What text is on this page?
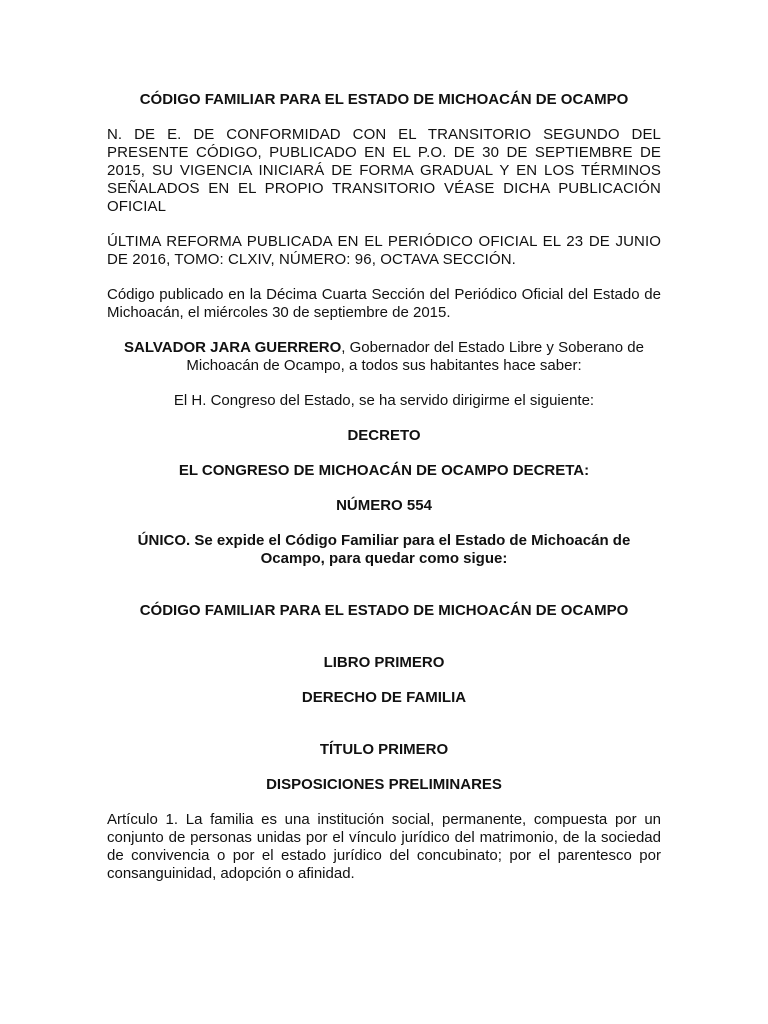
CÓDIGO FAMILIAR PARA EL ESTADO DE MICHOACÁN DE OCAMPO

N. DE E. DE CONFORMIDAD CON EL TRANSITORIO SEGUNDO DEL PRESENTE CÓDIGO, PUBLICADO EN EL P.O. DE 30 DE SEPTIEMBRE DE 2015, SU VIGENCIA INICIARÁ DE FORMA GRADUAL Y EN LOS TÉRMINOS SEÑALADOS EN EL PROPIO TRANSITORIO VÉASE DICHA PUBLICACIÓN OFICIAL

ÚLTIMA REFORMA PUBLICADA EN EL PERIÓDICO OFICIAL EL 23 DE JUNIO DE 2016, TOMO: CLXIV, NÚMERO: 96, OCTAVA SECCIÓN.

Código publicado en la Décima Cuarta Sección del Periódico Oficial del Estado de Michoacán, el miércoles 30 de septiembre de 2015.

SALVADOR JARA GUERRERO, Gobernador del Estado Libre y Soberano de Michoacán de Ocampo, a todos sus habitantes hace saber:

El H. Congreso del Estado, se ha servido dirigirme el siguiente:

DECRETO

EL CONGRESO DE MICHOACÁN DE OCAMPO DECRETA:

NÚMERO 554

ÚNICO. Se expide el Código Familiar para el Estado de Michoacán de Ocampo, para quedar como sigue:

CÓDIGO FAMILIAR PARA EL ESTADO DE MICHOACÁN DE OCAMPO

LIBRO PRIMERO

DERECHO DE FAMILIA

TÍTULO PRIMERO

DISPOSICIONES PRELIMINARES

Artículo 1. La familia es una institución social, permanente, compuesta por un conjunto de personas unidas por el vínculo jurídico del matrimonio, de la sociedad de convivencia o por el estado jurídico del concubinato; por el parentesco por consanguinidad, adopción o afinidad.
